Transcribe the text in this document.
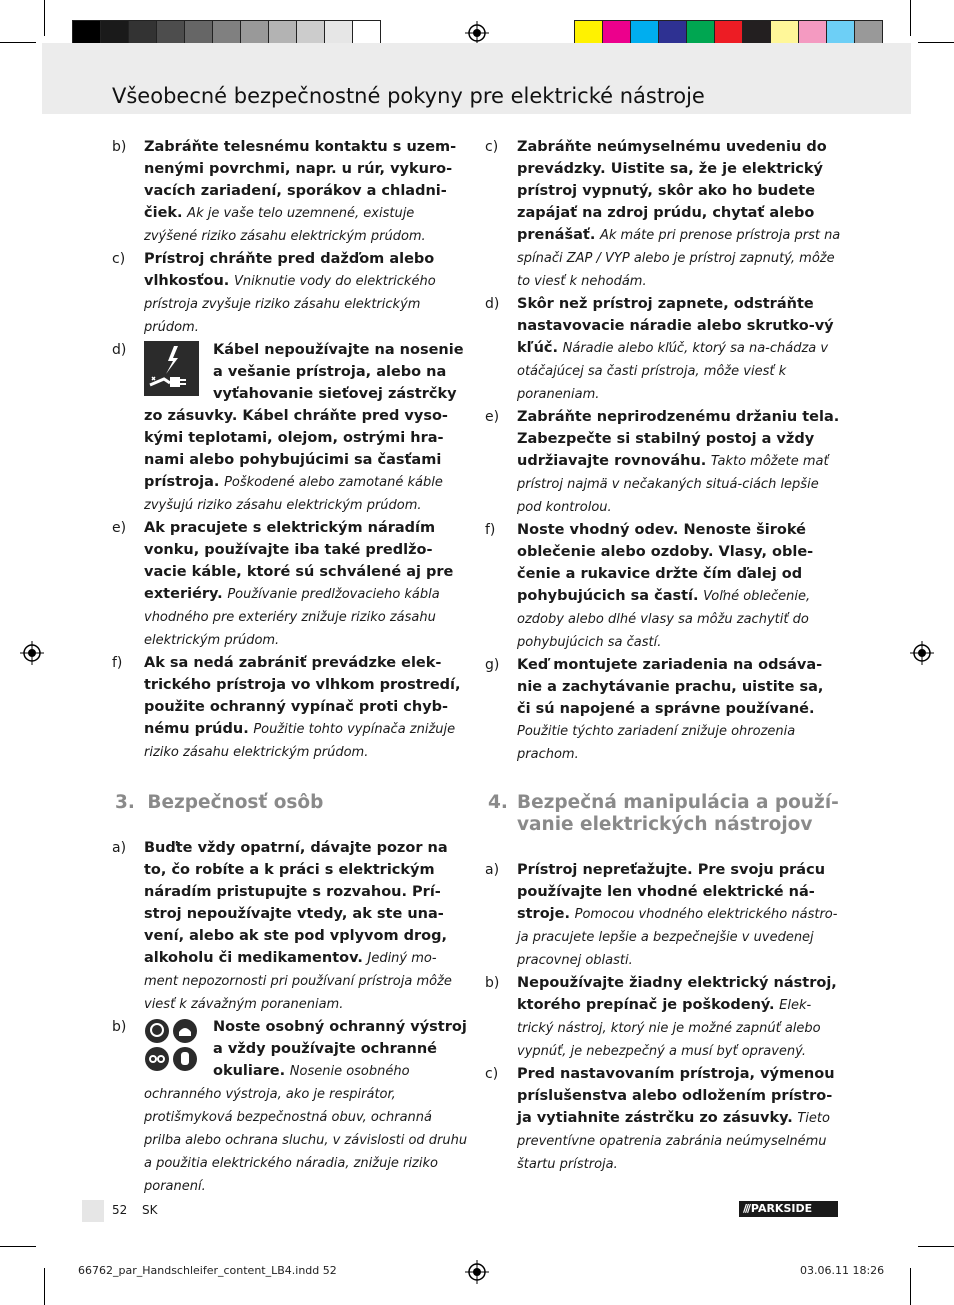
Všeobecné bezpečnostné pokyny pre elektrické nástroje
b) Zabráňte telesnému kontaktu s uzem-nenými povrchmi, napr. u rúr, vykuro-vacích zariadení, sporákov a chladni-čiek. Ak je vaše telo uzemnené, existuje zvýšené riziko zásahu elektrickým prúdom.
c) Prístroj chráňte pred dažďom alebo vlhkosťou. Vniknutie vody do elektrického prístroja zvyšuje riziko zásahu elektrickým prúdom.
d)	Kábel nepoužívajte na nosenie a vešanie prístroja, alebo na vyťahovanie sieťovej zástrčky zo zásuvky. Kábel chráňte pred vyso-kými teplotami, olejom, ostrými hra-nami alebo pohybujúcimi sa časťami prístroja. Poškodené alebo zamotané káble zvyšujú riziko zásahu elektrickým prúdom.
e) Ak pracujete s elektrickým náradím vonku, používajte iba také predlžo-vacie káble, ktoré sú schválené aj pre exteriéry. Používanie predlžovacieho kábla vhodného pre exteriéry znižuje riziko zásahu elektrickým prúdom.
f) Ak sa nedá zabrániť prevádzke elek-trického prístroja vo vlhkom prostredí, použite ochranný vypínač proti chyb-nému prúdu. Použitie tohto vypínača znižuje riziko zásahu elektrickým prúdom.
3. Bezpečnosť osôb
a) Buďte vždy opatrní, dávajte pozor na to, čo robíte a k práci s elektrickým náradím pristupujte s rozvahou. Prí-stroj nepoužívajte vtedy, ak ste una-vení, alebo ak ste pod vplyvom drog, alkoholu či medikamentov. Jediný mo-ment nepozornosti pri používaní prístroja môže viesť k závažným poraneniam.
b)	Noste osobný ochranný výstroj a vždy používajte ochranné okuliare. Nosenie osobného ochranného výstroja, ako je respirátor, protišmyková bezpečnostná obuv, ochranná prilba alebo ochrana sluchu, v závislosti od druhu a použitia elektrického náradia, znižuje riziko poranení.
c) Zabráňte neúmyselnému uvedeniu do prevádzky. Uistite sa, že je elektrický prístroj vypnutý, skôr ako ho budete zapájať na zdroj prúdu, chytať alebo prenášať. Ak máte pri prenose prístroja prst na spínači ZAP / VYP alebo je prístroj zapnutý, môže to viesť k nehodám.
d) Skôr než prístroj zapnete, odstráňte nastavovacie náradie alebo skrutko-vý kľúč. Náradie alebo kľúč, ktorý sa na-chádza v otáčajúcej sa časti prístroja, môže viesť k poraneniam.
e) Zabráňte neprirodzenému držaniu tela. Zabezpečte si stabilný postoj a vždy udržiavajte rovnováhu. Takto môžete mať prístroj najmä v nečakaných situá-ciách lepšie pod kontrolou.
f) Noste vhodný odev. Nenoste široké oblečenie alebo ozdoby. Vlasy, oble-čenie a rukavice držte čím ďalej od pohybujúcich sa častí. Voľné oblečenie, ozdoby alebo dlhé vlasy sa môžu zachytiť do pohybujúcich sa častí.
g) Keď montujete zariadenia na odsáva-nie a zachytávanie prachu, uistite sa, či sú napojené a správne používané. Použitie týchto zariadení znižuje ohrozenia prachom.
4. Bezpečná manipulácia a použí-
vanie elektrických nástrojov
a) Prístroj nepreťažujte. Pre svoju prácu používajte len vhodné elektrické ná-stroje. Pomocou vhodného elektrického nástro-ja pracujete lepšie a bezpečnejšie v uvedenej pracovnej oblasti.
b) Nepoužívajte žiadny elektrický nástroj, ktorého prepínač je poškodený. Elek-trický nástroj, ktorý nie je možné zapnúť alebo vypnúť, je nebezpečný a musí byť opravený.
c) Pred nastavovaním prístroja, výmenou príslušenstva alebo odložením prístro-ja vytiahnite zástrčku zo zásuvky. Tieto preventívne opatrenia zabránia neúmyselnému štartu prístroja.
52 SK	/// PARKSIDE
66762_par_Handschleifer_content_LB4.indd 52	03.06.11 18:26
